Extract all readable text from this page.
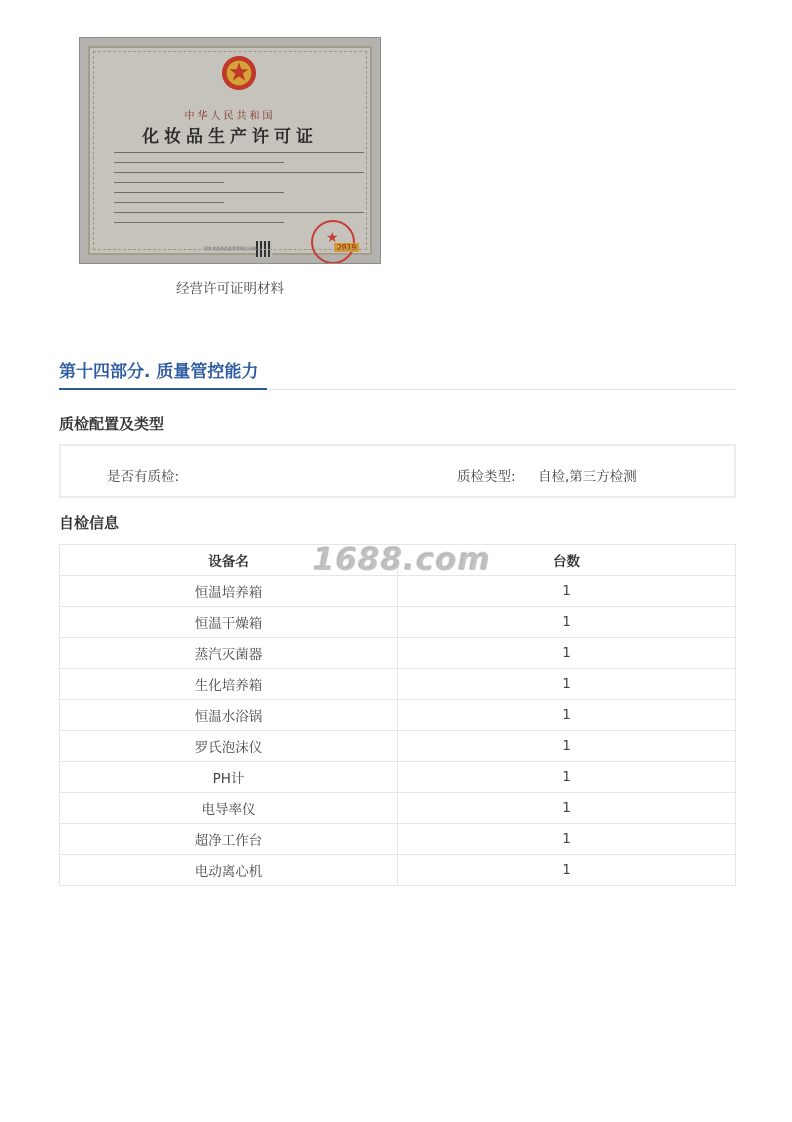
中华人民共和国
化妆品生产许可证
★
2019
国家食品药品监督管理总局制
经营许可证明材料
第十四部分. 质量管控能力
质检配置及类型
是否有质检:	质检类型: 自检,第三方检测
自检信息
设备名	台数
恒温培养箱	1
恒温干燥箱	1
蒸汽灭菌器	1
生化培养箱	1
恒温水浴锅	1
罗氏泡沫仪	1
PH计	1
电导率仪	1
超净工作台	1
电动离心机	1
1688.com
